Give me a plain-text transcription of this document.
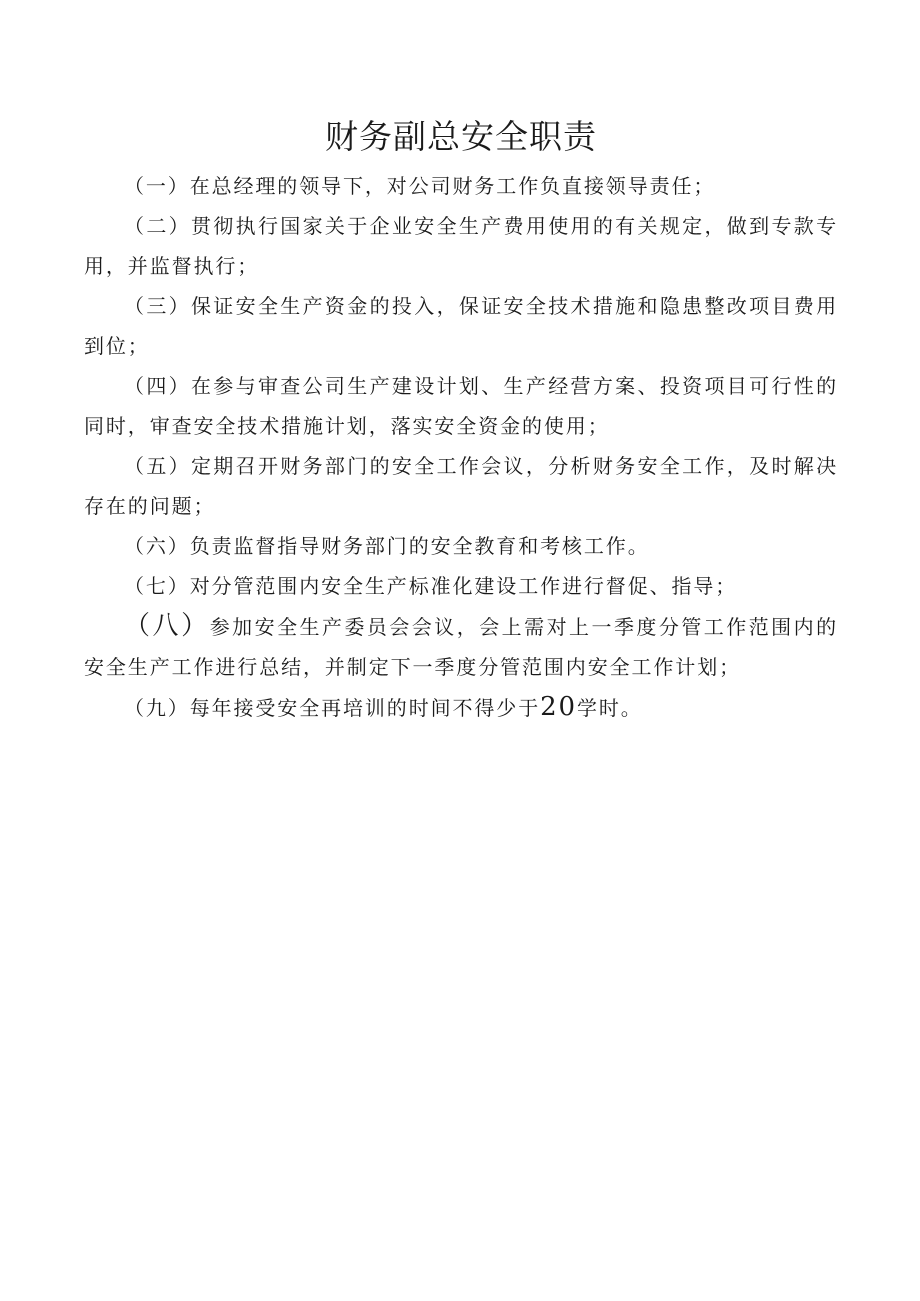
财务副总安全职责

（一）在总经理的领导下，对公司财务工作负直接领导责任；

（二）贯彻执行国家关于企业安全生产费用使用的有关规定，做到专款专用，并监督执行；

（三）保证安全生产资金的投入，保证安全技术措施和隐患整改项目费用到位；

（四）在参与审查公司生产建设计划、生产经营方案、投资项目可行性的同时，审查安全技术措施计划，落实安全资金的使用；

（五）定期召开财务部门的安全工作会议，分析财务安全工作，及时解决存在的问题；

（六）负责监督指导财务部门的安全教育和考核工作。

（七）对分管范围内安全生产标准化建设工作进行督促、指导；

（八）参加安全生产委员会会议，会上需对上一季度分管工作范围内的安全生产工作进行总结，并制定下一季度分管范围内安全工作计划；

（九）每年接受安全再培训的时间不得少于20学时。
